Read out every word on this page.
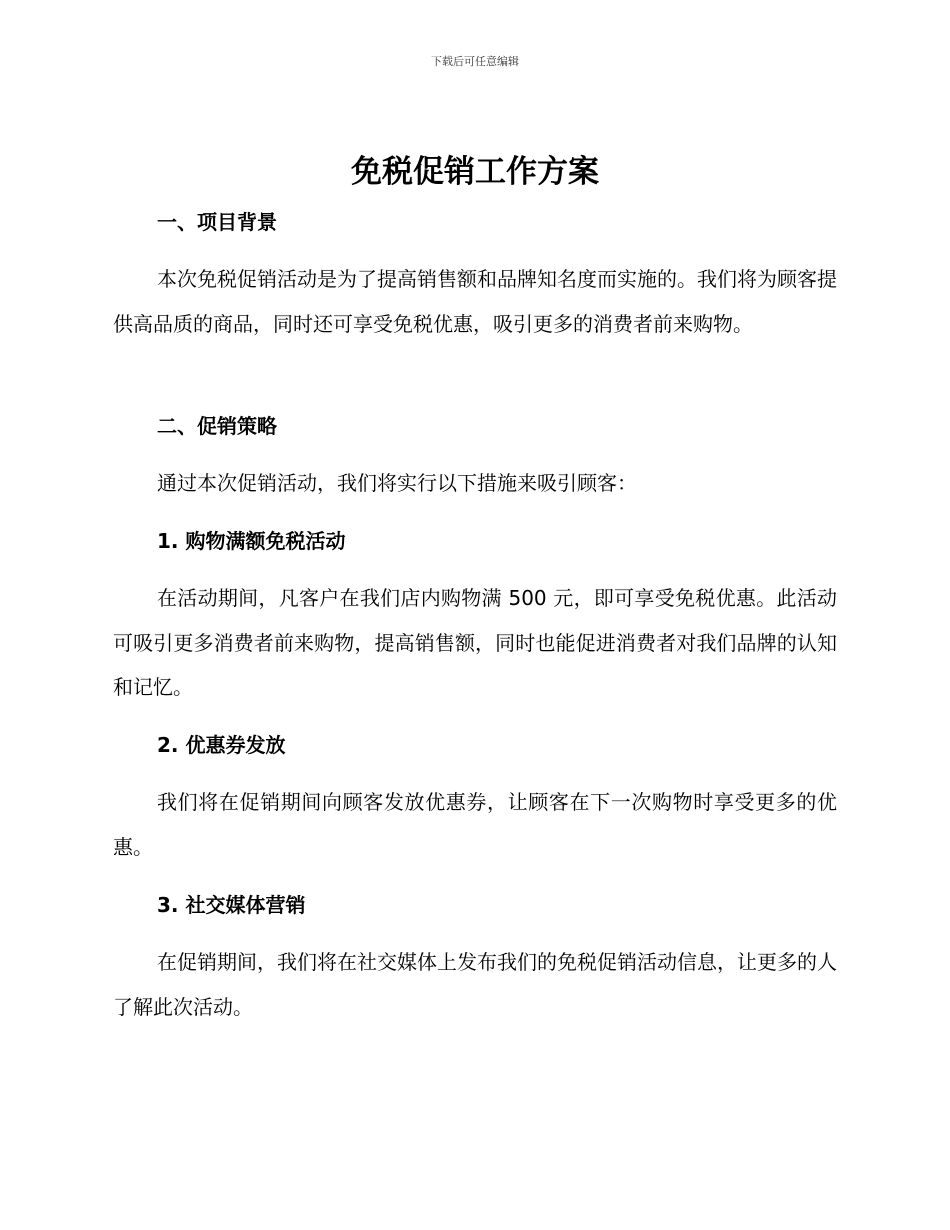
下载后可任意编辑
免税促销工作方案
一、项目背景

本次免税促销活动是为了提高销售额和品牌知名度而实施的。我们将为顾客提供高品质的商品，同时还可享受免税优惠，吸引更多的消费者前来购物。

二、促销策略

通过本次促销活动，我们将实行以下措施来吸引顾客：

1. 购物满额免税活动

在活动期间，凡客户在我们店内购物满 500 元，即可享受免税优惠。此活动可吸引更多消费者前来购物，提高销售额，同时也能促进消费者对我们品牌的认知和记忆。

2. 优惠券发放

我们将在促销期间向顾客发放优惠券，让顾客在下一次购物时享受更多的优惠。

3. 社交媒体营销

在促销期间，我们将在社交媒体上发布我们的免税促销活动信息，让更多的人了解此次活动。
